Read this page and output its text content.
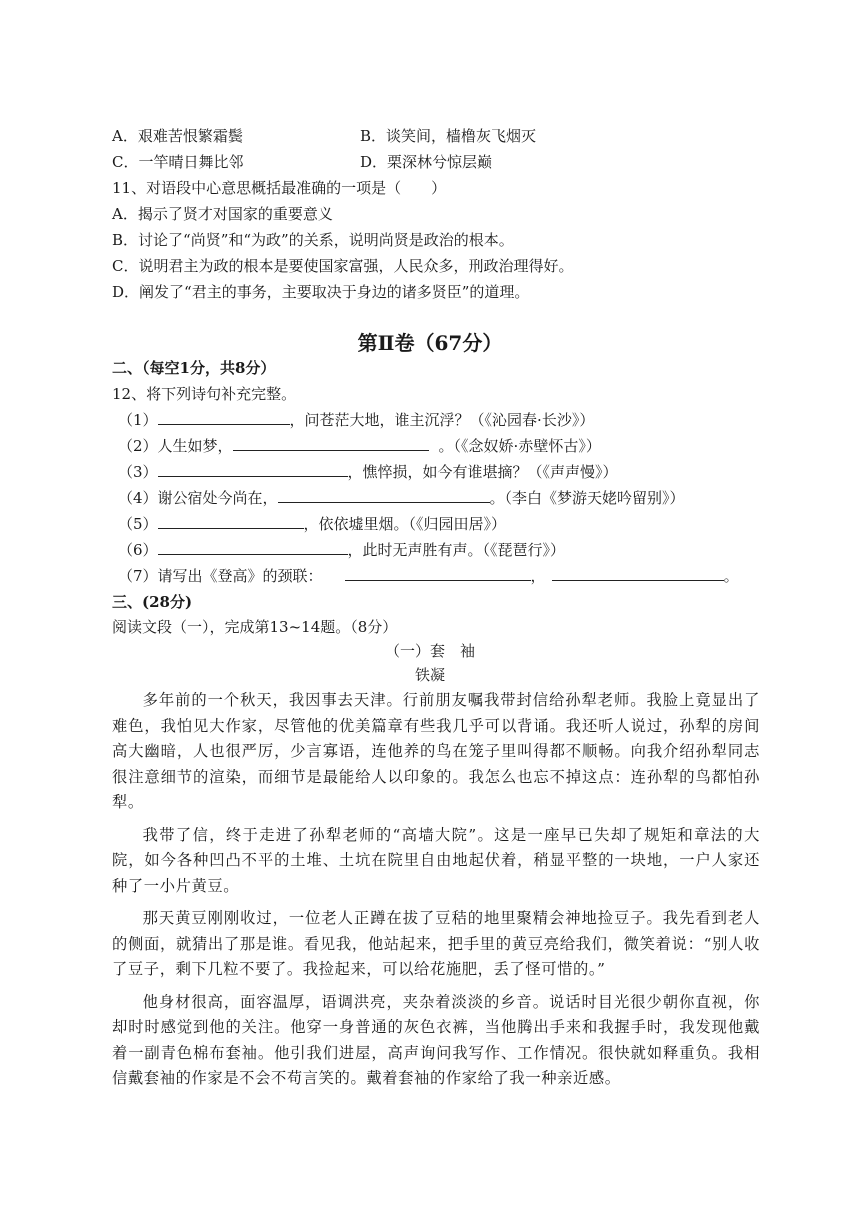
A．艰难苦恨繁霜鬓	B．谈笑间，樯橹灰飞烟灭
C．一竿晴日舞比邻	D．栗深林兮惊层巅
11、对语段中心意思概括最准确的一项是（　　）
A．揭示了贤才对国家的重要意义
B．讨论了“尚贤”和“为政”的关系，说明尚贤是政治的根本。
C．说明君主为政的根本是要使国家富强，人民众多，刑政治理得好。
D．阐发了“君主的事务，主要取决于身边的诸多贤臣”的道理。
第Ⅱ卷（67分）
二、（每空1分，共8分）
12、将下列诗句补充完整。
（1）	，问苍茫大地，谁主沉浮？（《沁园春·长沙》）
（2）人生如梦，	。（《念奴娇·赤壁怀古》）
（3）	，憔悴损，如今有谁堪摘？（《声声慢》）
（4）谢公宿处今尚在，	。（李白《梦游天姥吟留别》）
（5）	，依依墟里烟。（《归园田居》）
（6）	，此时无声胜有声。（《琵琶行》）
（7）请写出《登高》的颈联：	，	。
三、(28分)
阅读文段（一），完成第13~14题。（8分）
（一）套　袖
铁凝

多年前的一个秋天，我因事去天津。行前朋友嘱我带封信给孙犁老师。我脸上竟显出了难色，我怕见大作家，尽管他的优美篇章有些我几乎可以背诵。我还听人说过，孙犁的房间高大幽暗，人也很严厉，少言寡语，连他养的鸟在笼子里叫得都不顺畅。向我介绍孙犁同志很注意细节的渲染，而细节是最能给人以印象的。我怎么也忘不掉这点：连孙犁的鸟都怕孙犁。

我带了信，终于走进了孙犁老师的“高墙大院”。这是一座早已失却了规矩和章法的大院，如今各种凹凸不平的土堆、土坑在院里自由地起伏着，稍显平整的一块地，一户人家还种了一小片黄豆。

那天黄豆刚刚收过，一位老人正蹲在拔了豆秸的地里聚精会神地捡豆子。我先看到老人的侧面，就猜出了那是谁。看见我，他站起来，把手里的黄豆亮给我们，微笑着说：“别人收了豆子，剩下几粒不要了。我捡起来，可以给花施肥，丢了怪可惜的。”

他身材很高，面容温厚，语调洪亮，夹杂着淡淡的乡音。说话时目光很少朝你直视，你却时时感觉到他的关注。他穿一身普通的灰色衣裤，当他腾出手来和我握手时，我发现他戴着一副青色棉布套袖。他引我们进屋，高声询问我写作、工作情况。很快就如释重负。我相信戴套袖的作家是不会不苟言笑的。戴着套袖的作家给了我一种亲近感。
